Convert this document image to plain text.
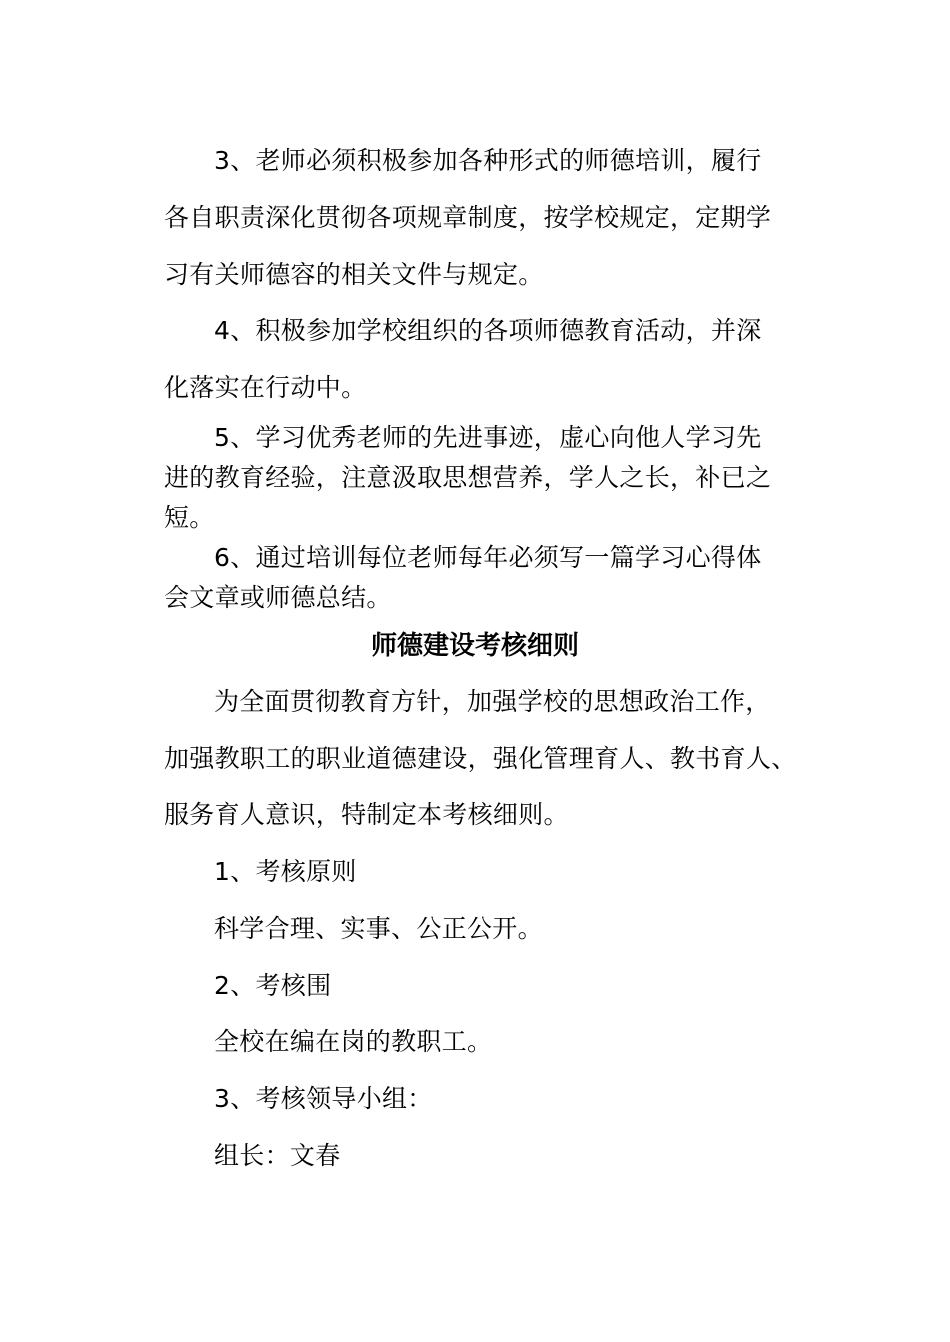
3、老师必须积极参加各种形式的师德培训，履行
各自职责深化贯彻各项规章制度，按学校规定，定期学
习有关师德容的相关文件与规定。
4、积极参加学校组织的各项师德教育活动，并深
化落实在行动中。
5、学习优秀老师的先进事迹，虚心向他人学习先
进的教育经验，注意汲取思想营养，学人之长，补已之
短。
6、通过培训每位老师每年必须写一篇学习心得体
会文章或师德总结。
师德建设考核细则
为全面贯彻教育方针，加强学校的思想政治工作，
加强教职工的职业道德建设，强化管理育人、教书育人、
服务育人意识，特制定本考核细则。
1、考核原则
科学合理、实事、公正公开。
2、考核围
全校在编在岗的教职工。
3、考核领导小组：
组长：文春
